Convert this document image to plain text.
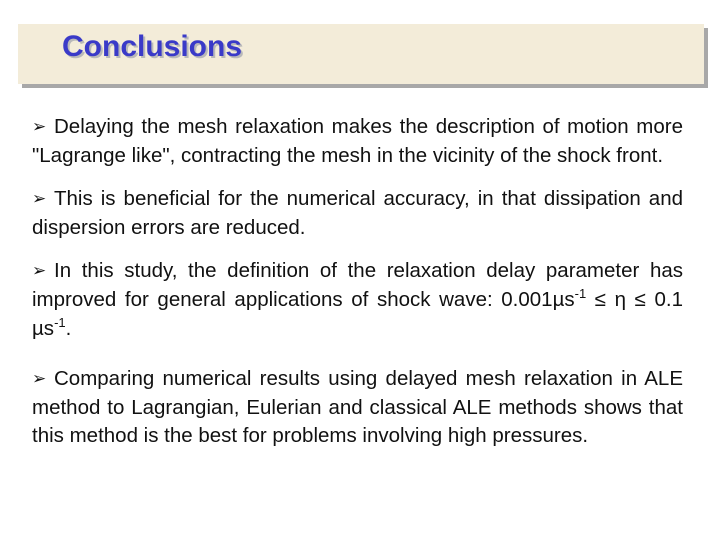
Conclusions

➢ Delaying the mesh relaxation makes the description of motion more "Lagrange like", contracting the mesh in the vicinity of the shock front.

➢ This is beneficial for the numerical accuracy, in that dissipation and dispersion errors are reduced.

➢ In this study, the definition of the relaxation delay parameter has improved for general applications of shock wave: 0.001µs$^{-1}$ ≤ η ≤ 0.1 µs$^{-1}$.

➢ Comparing numerical results using delayed mesh relaxation in ALE method to Lagrangian, Eulerian and classical ALE methods shows that this method is the best for problems involving high pressures.
